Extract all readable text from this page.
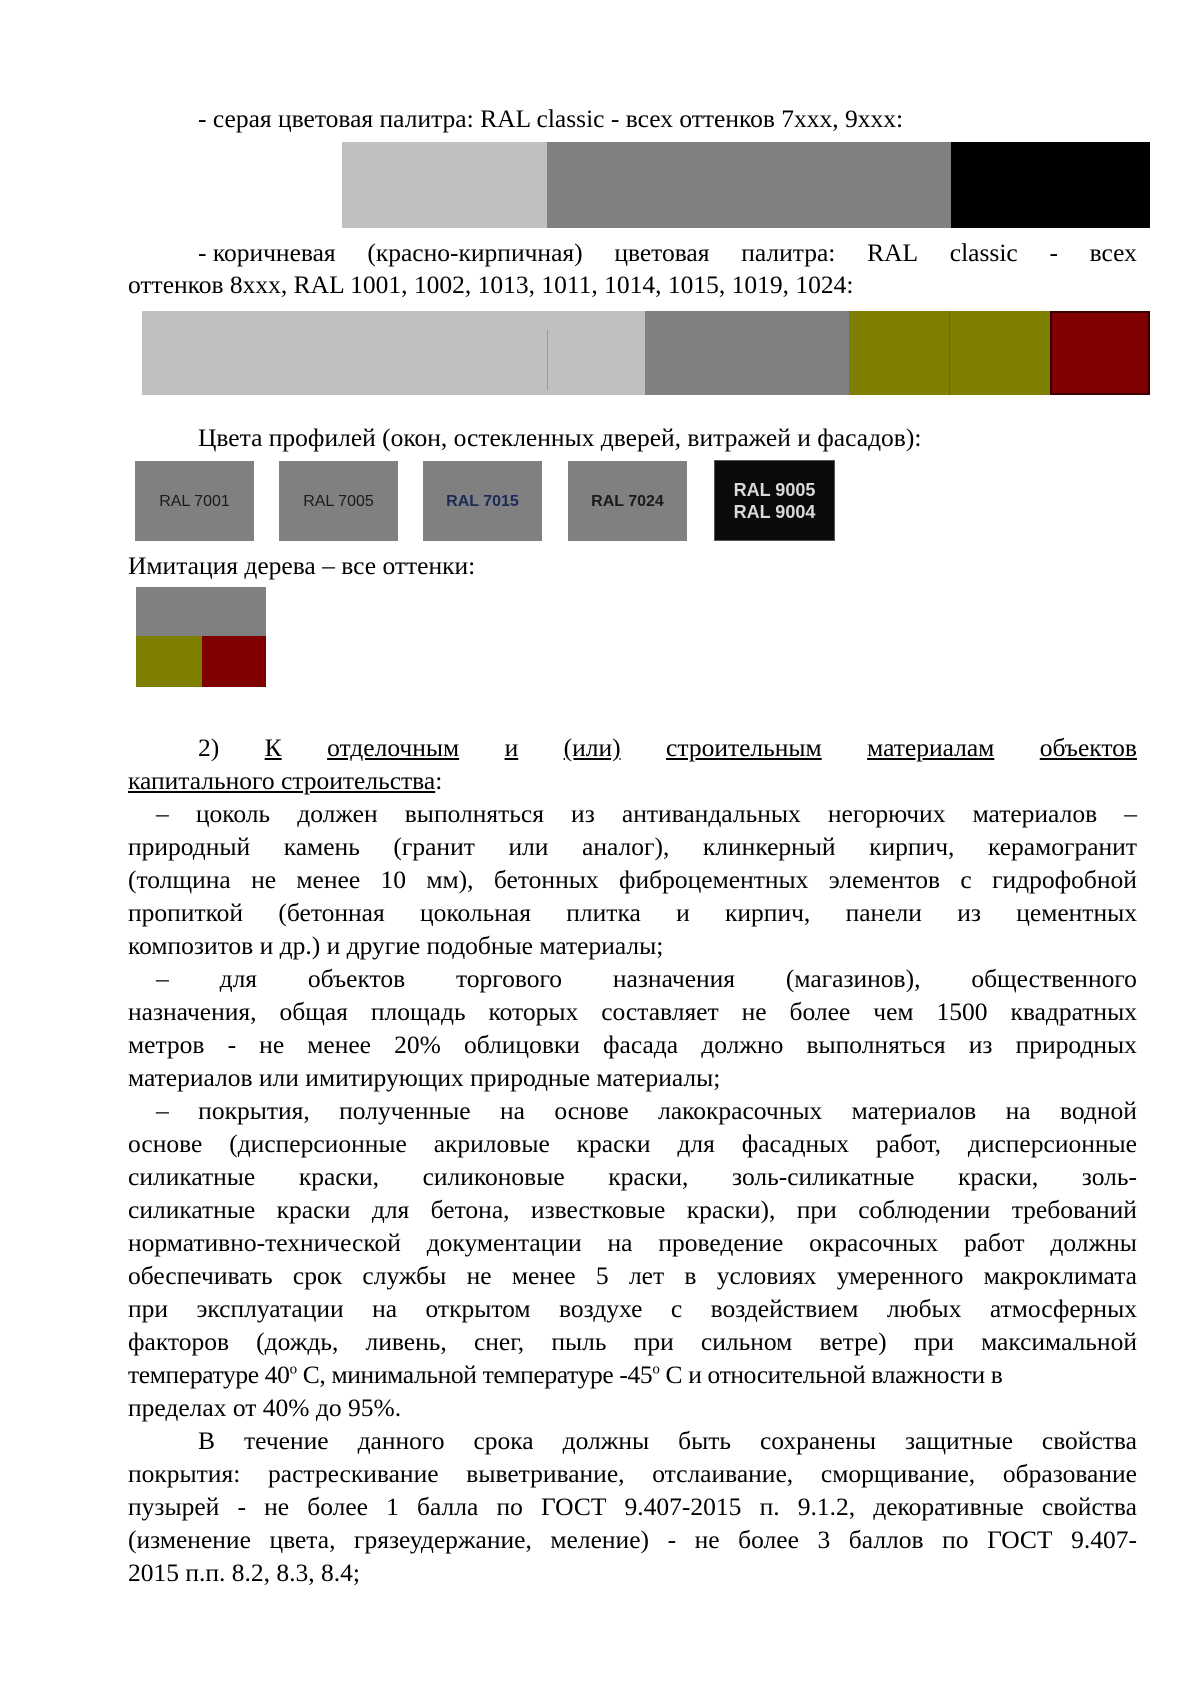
- серая цветовая палитра: RAL classic - всех оттенков 7ххх, 9ххх:
- коричневая (красно-кирпичная) цветовая палитра: RAL classic - всех
оттенков 8ххх, RAL 1001, 1002, 1013, 1011, 1014, 1015, 1019, 1024:
Цвета профилей (окон, остекленных дверей, витражей и фасадов):
RAL 7001	RAL 7005	RAL 7015	RAL 7024
RAL 9005
RAL 9004
Имитация дерева – все оттенки:
2) К отделочным и (или) строительным материалам объектов
капитального строительства:
– цоколь должен выполняться из антивандальных негорючих материалов –
природный камень (гранит или аналог), клинкерный кирпич, керамогранит
(толщина не менее 10 мм), бетонных фиброцементных элементов с гидрофобной
пропиткой (бетонная цокольная плитка и кирпич, панели из цементных
композитов и др.) и другие подобные материалы;
– для объектов торгового назначения (магазинов), общественного
назначения, общая площадь которых составляет не более чем 1500 квадратных
метров - не менее 20% облицовки фасада должно выполняться из природных
материалов или имитирующих природные материалы;
– покрытия, полученные на основе лакокрасочных материалов на водной
основе (дисперсионные акриловые краски для фасадных работ, дисперсионные
силикатные краски, силиконовые краски, золь-силикатные краски, золь-
силикатные краски для бетона, известковые краски), при соблюдении требований
нормативно-технической документации на проведение окрасочных работ должны
обеспечивать срок службы не менее 5 лет в условиях умеренного макроклимата
при эксплуатации на открытом воздухе с воздействием любых атмосферных
факторов (дождь, ливень, снег, пыль при сильном ветре) при максимальной
температуре 40$^o$ С, минимальной температуре -45$^o$ С и относительной влажности в
пределах от 40% до 95%.
В течение данного срока должны быть сохранены защитные свойства
покрытия: растрескивание выветривание, отслаивание, сморщивание, образование
пузырей - не более 1 балла по ГОСТ 9.407-2015 п. 9.1.2, декоративные свойства
(изменение цвета, грязеудержание, меление) - не более 3 баллов по ГОСТ 9.407-
2015 п.п. 8.2, 8.3, 8.4;
